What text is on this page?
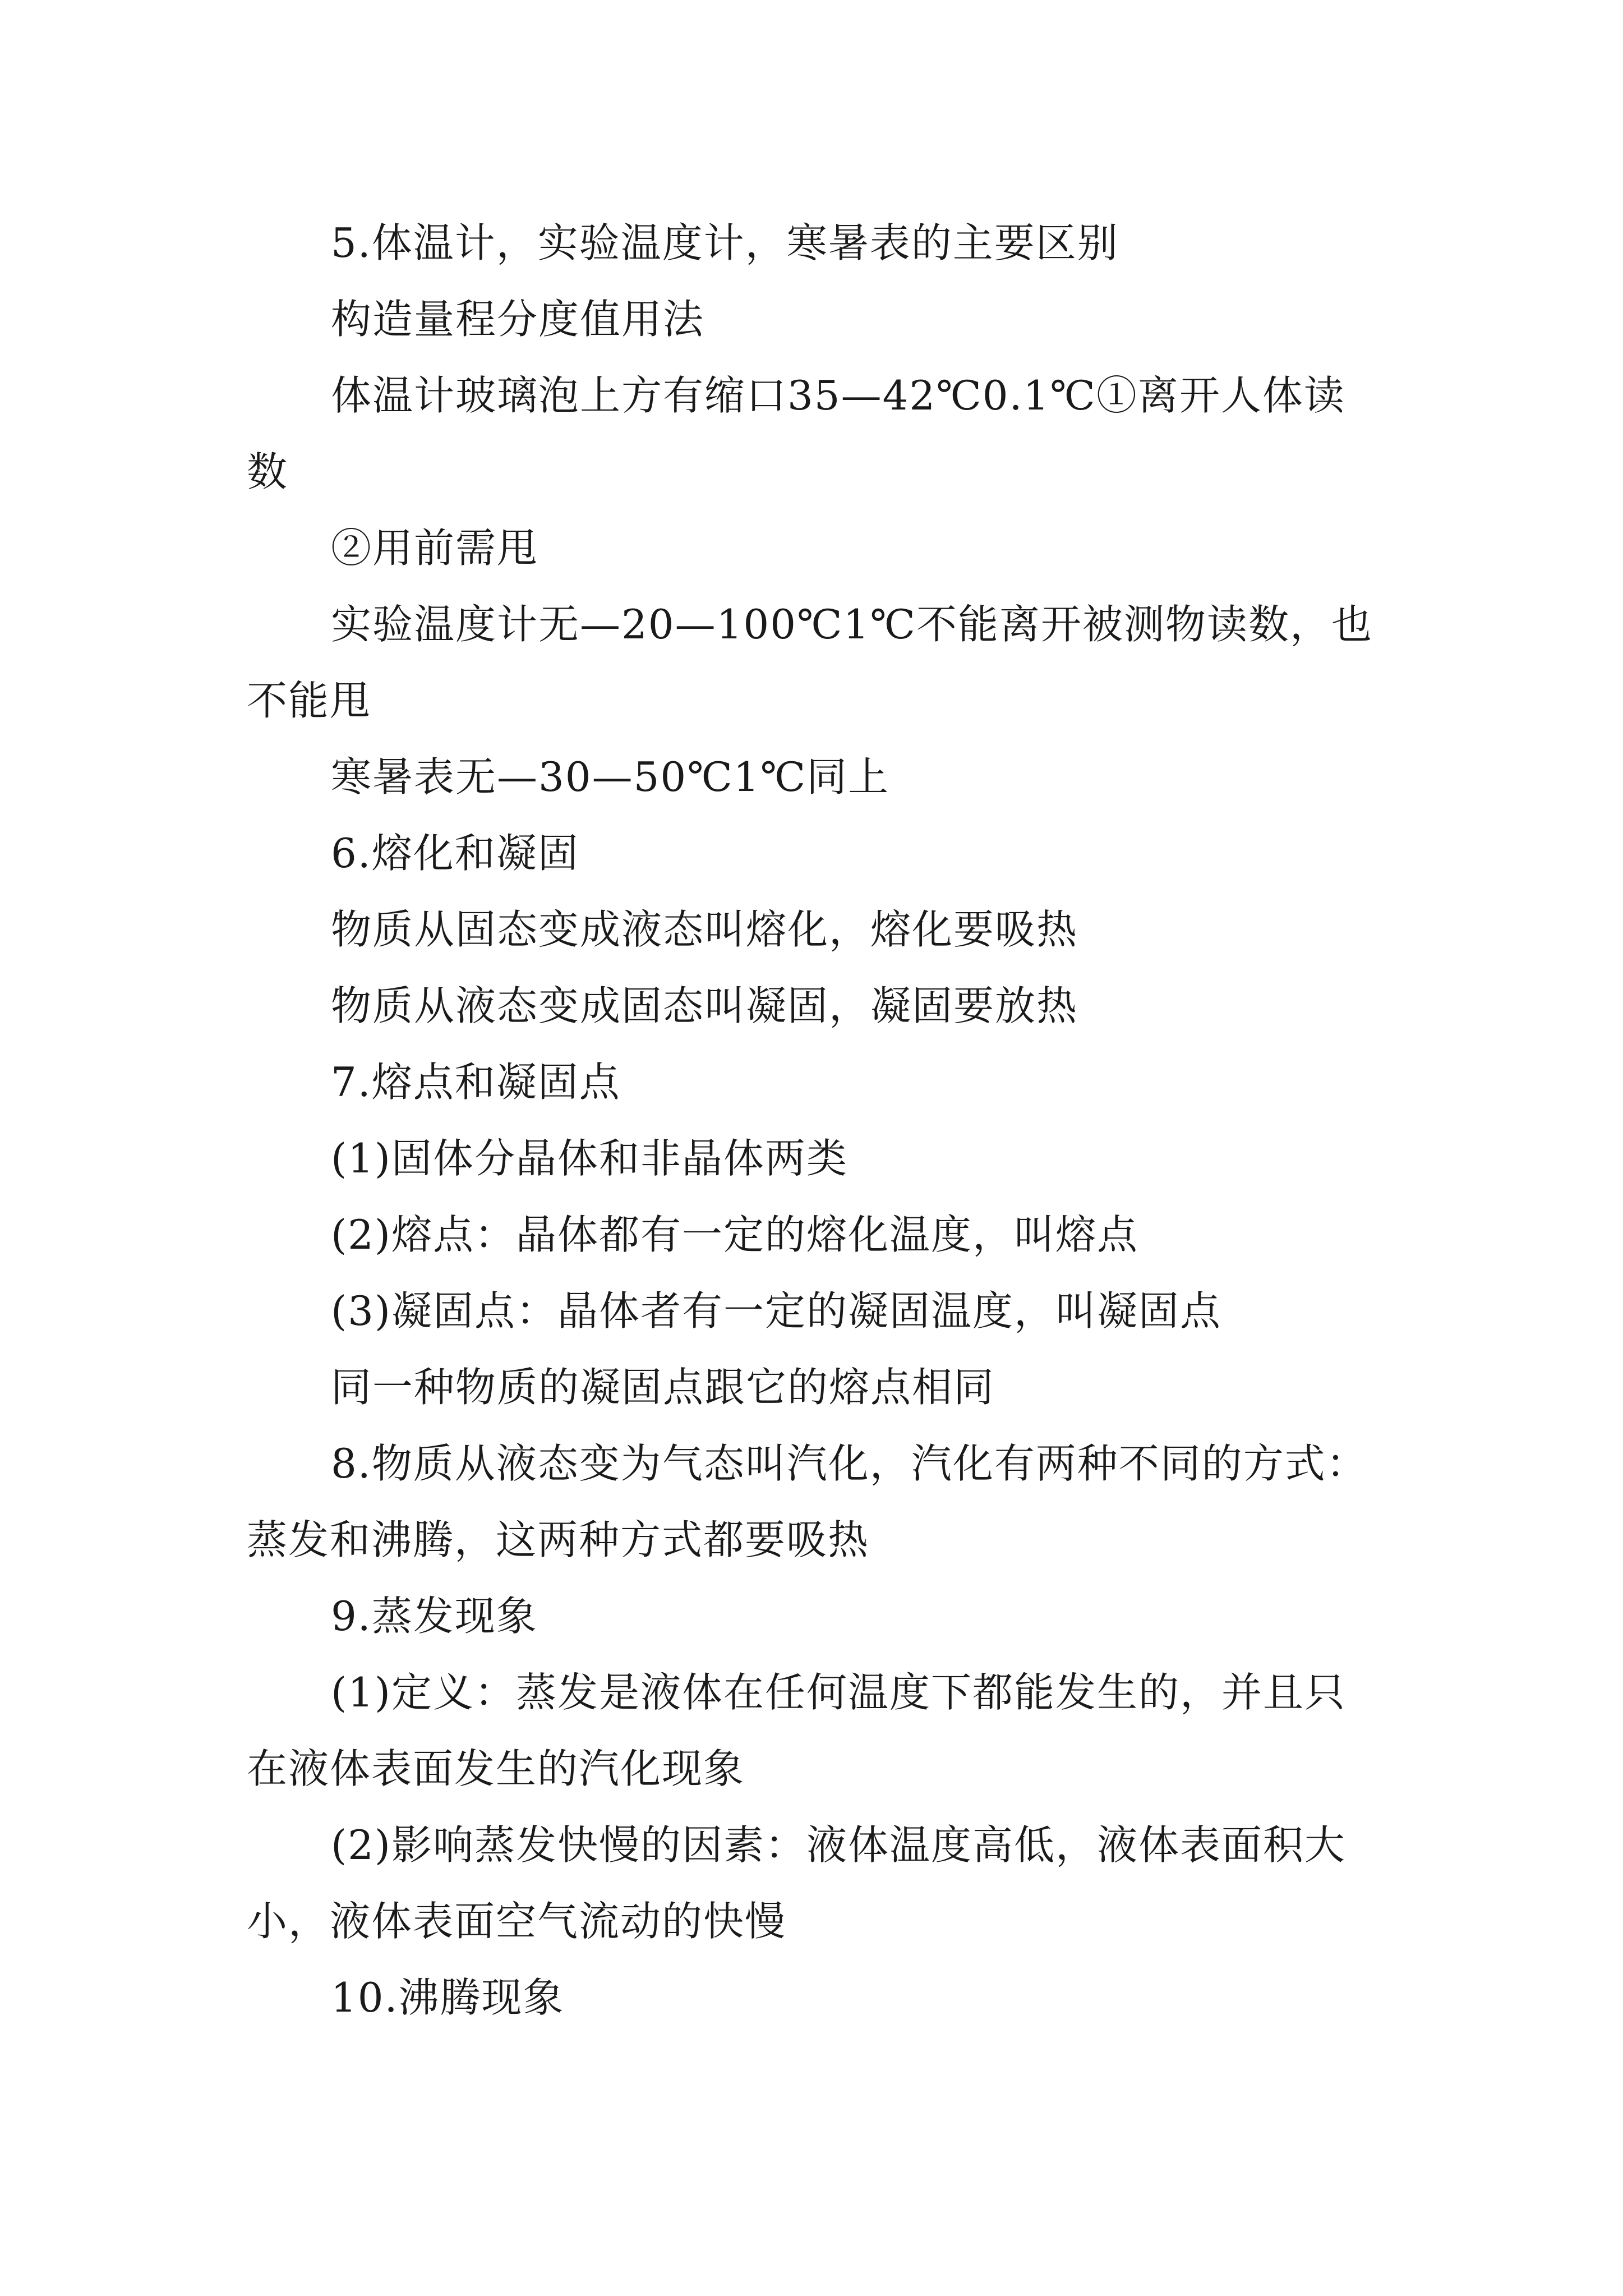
5.体温计，实验温度计，寒暑表的主要区别

构造量程分度值用法

体温计玻璃泡上方有缩口35—42℃0.1℃①离开人体读数

②用前需甩

实验温度计无—20—100℃1℃不能离开被测物读数，也不能甩

寒暑表无—30—50℃1℃同上

6.熔化和凝固

物质从固态变成液态叫熔化，熔化要吸热

物质从液态变成固态叫凝固，凝固要放热

7.熔点和凝固点

(1)固体分晶体和非晶体两类

(2)熔点：晶体都有一定的熔化温度，叫熔点

(3)凝固点：晶体者有一定的凝固温度，叫凝固点

同一种物质的凝固点跟它的熔点相同

8.物质从液态变为气态叫汽化，汽化有两种不同的方式：蒸发和沸腾，这两种方式都要吸热

9.蒸发现象

(1)定义：蒸发是液体在任何温度下都能发生的，并且只在液体表面发生的汽化现象

(2)影响蒸发快慢的因素：液体温度高低，液体表面积大小，液体表面空气流动的快慢

10.沸腾现象
